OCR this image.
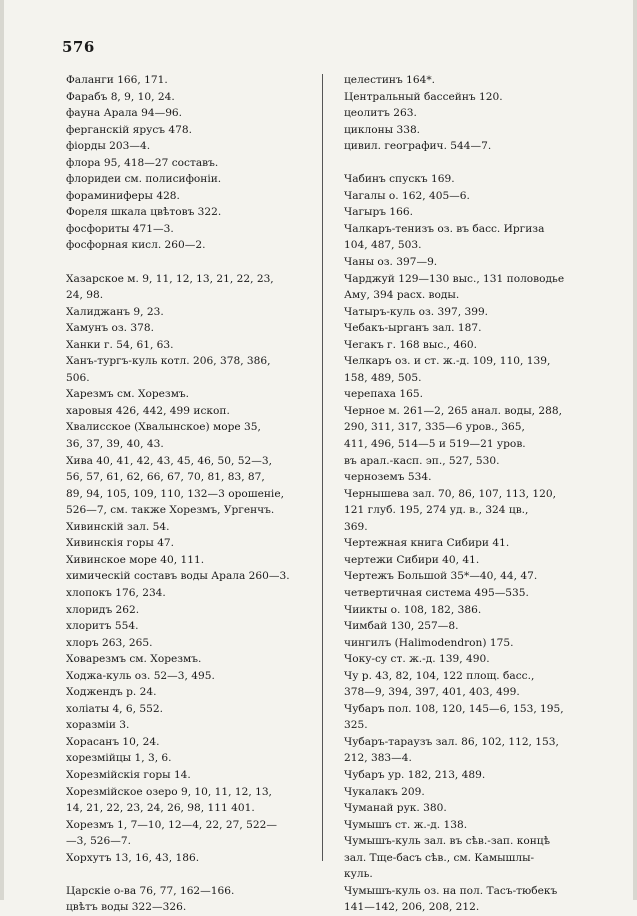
576
Фаланги 166, 171.
Фарабъ 8, 9, 10, 24.
фауна Арала 94—96.
ферганскій ярусъ 478.
фіорды 203—4.
флора 95, 418—27 составъ.
флоридеи см. полисифоніи.
фораминиферы 428.
Фореля шкала цвѣтовъ 322.
фосфориты 471—3.
фосфорная кисл. 260—2.
Хазарское м. 9, 11, 12, 13, 21, 22, 23,
24, 98.
Халиджанъ 9, 23.
Хамунъ оз. 378.
Ханки г. 54, 61, 63.
Ханъ-тургъ-куль котл. 206, 378, 386,
506.
Харезмъ см. Хорезмъ.
харовыя 426, 442, 499 ископ.
Хвалисское (Хвалынское) море 35,
36, 37, 39, 40, 43.
Хива 40, 41, 42, 43, 45, 46, 50, 52—3,
56, 57, 61, 62, 66, 67, 70, 81, 83, 87,
89, 94, 105, 109, 110, 132—3 орошеніе,
526—7, см. также Хорезмъ, Ургенчъ.
Хивинскій зал. 54.
Хивинскія горы 47.
Хивинское море 40, 111.
химическій составъ воды Арала 260—3.
хлопокъ 176, 234.
хлоридъ 262.
хлоритъ 554.
хлоръ 263, 265.
Ховарезмъ см. Хорезмъ.
Ходжа-куль оз. 52—3, 495.
Ходжендъ р. 24.
холіаты 4, 6, 552.
хоразміи 3.
Хорасанъ 10, 24.
хорезмійцы 1, 3, 6.
Хорезмійскія горы 14.
Хорезмійское озеро 9, 10, 11, 12, 13,
14, 21, 22, 23, 24, 26, 98, 111 401.
Хорезмъ 1, 7—10, 12—4, 22, 27, 522—
—3, 526—7.
Хорхутъ 13, 16, 43, 186.
Царскіе о-ва 76, 77, 162—166.
цвѣтъ воды 322—326.
целестинъ 164*.
Центральный бассейнъ 120.
цеолитъ 263.
циклоны 338.
цивил. географич. 544—7.
Чабинъ спускъ 169.
Чагалы о. 162, 405—6.
Чагыръ 166.
Чалкаръ-тенизъ оз. въ басс. Иргиза
104, 487, 503.
Чаны оз. 397—9.
Чарджуй 129—130 выс., 131 половодье
Аму, 394 расх. воды.
Чатыръ-куль оз. 397, 399.
Чебакъ-ырганъ зал. 187.
Чегакъ г. 168 выс., 460.
Челкаръ оз. и ст. ж.-д. 109, 110, 139,
158, 489, 505.
черепаха 165.
Черное м. 261—2, 265 анал. воды, 288,
290, 311, 317, 335—6 уров., 365,
411, 496, 514—5 и 519—21 уров.
въ арал.-касп. эп., 527, 530.
черноземъ 534.
Чернышева зал. 70, 86, 107, 113, 120,
121 глуб. 195, 274 уд. в., 324 цв.,
369.
Чертежная книга Сибири 41.
чертежи Сибири 40, 41.
Чертежъ Большой 35*—40, 44, 47.
четвертичная система 495—535.
Чиикты о. 108, 182, 386.
Чимбай 130, 257—8.
чингилъ (Halimodendron) 175.
Чоку-су ст. ж.-д. 139, 490.
Чу р. 43, 82, 104, 122 площ. басс.,
378—9, 394, 397, 401, 403, 499.
Чубаръ пол. 108, 120, 145—6, 153, 195,
325.
Чубаръ-тараузъ зал. 86, 102, 112, 153,
212, 383—4.
Чубаръ ур. 182, 213, 489.
Чукалакъ 209.
Чуманай рук. 380.
Чумышъ ст. ж.-д. 138.
Чумышъ-куль зал. въ сѣв.-зап. концѣ
зал. Тще-басъ сѣв., см. Камышлы-
куль.
Чумышъ-куль оз. на пол. Тасъ-тюбекъ
141—142, 206, 208, 212.
